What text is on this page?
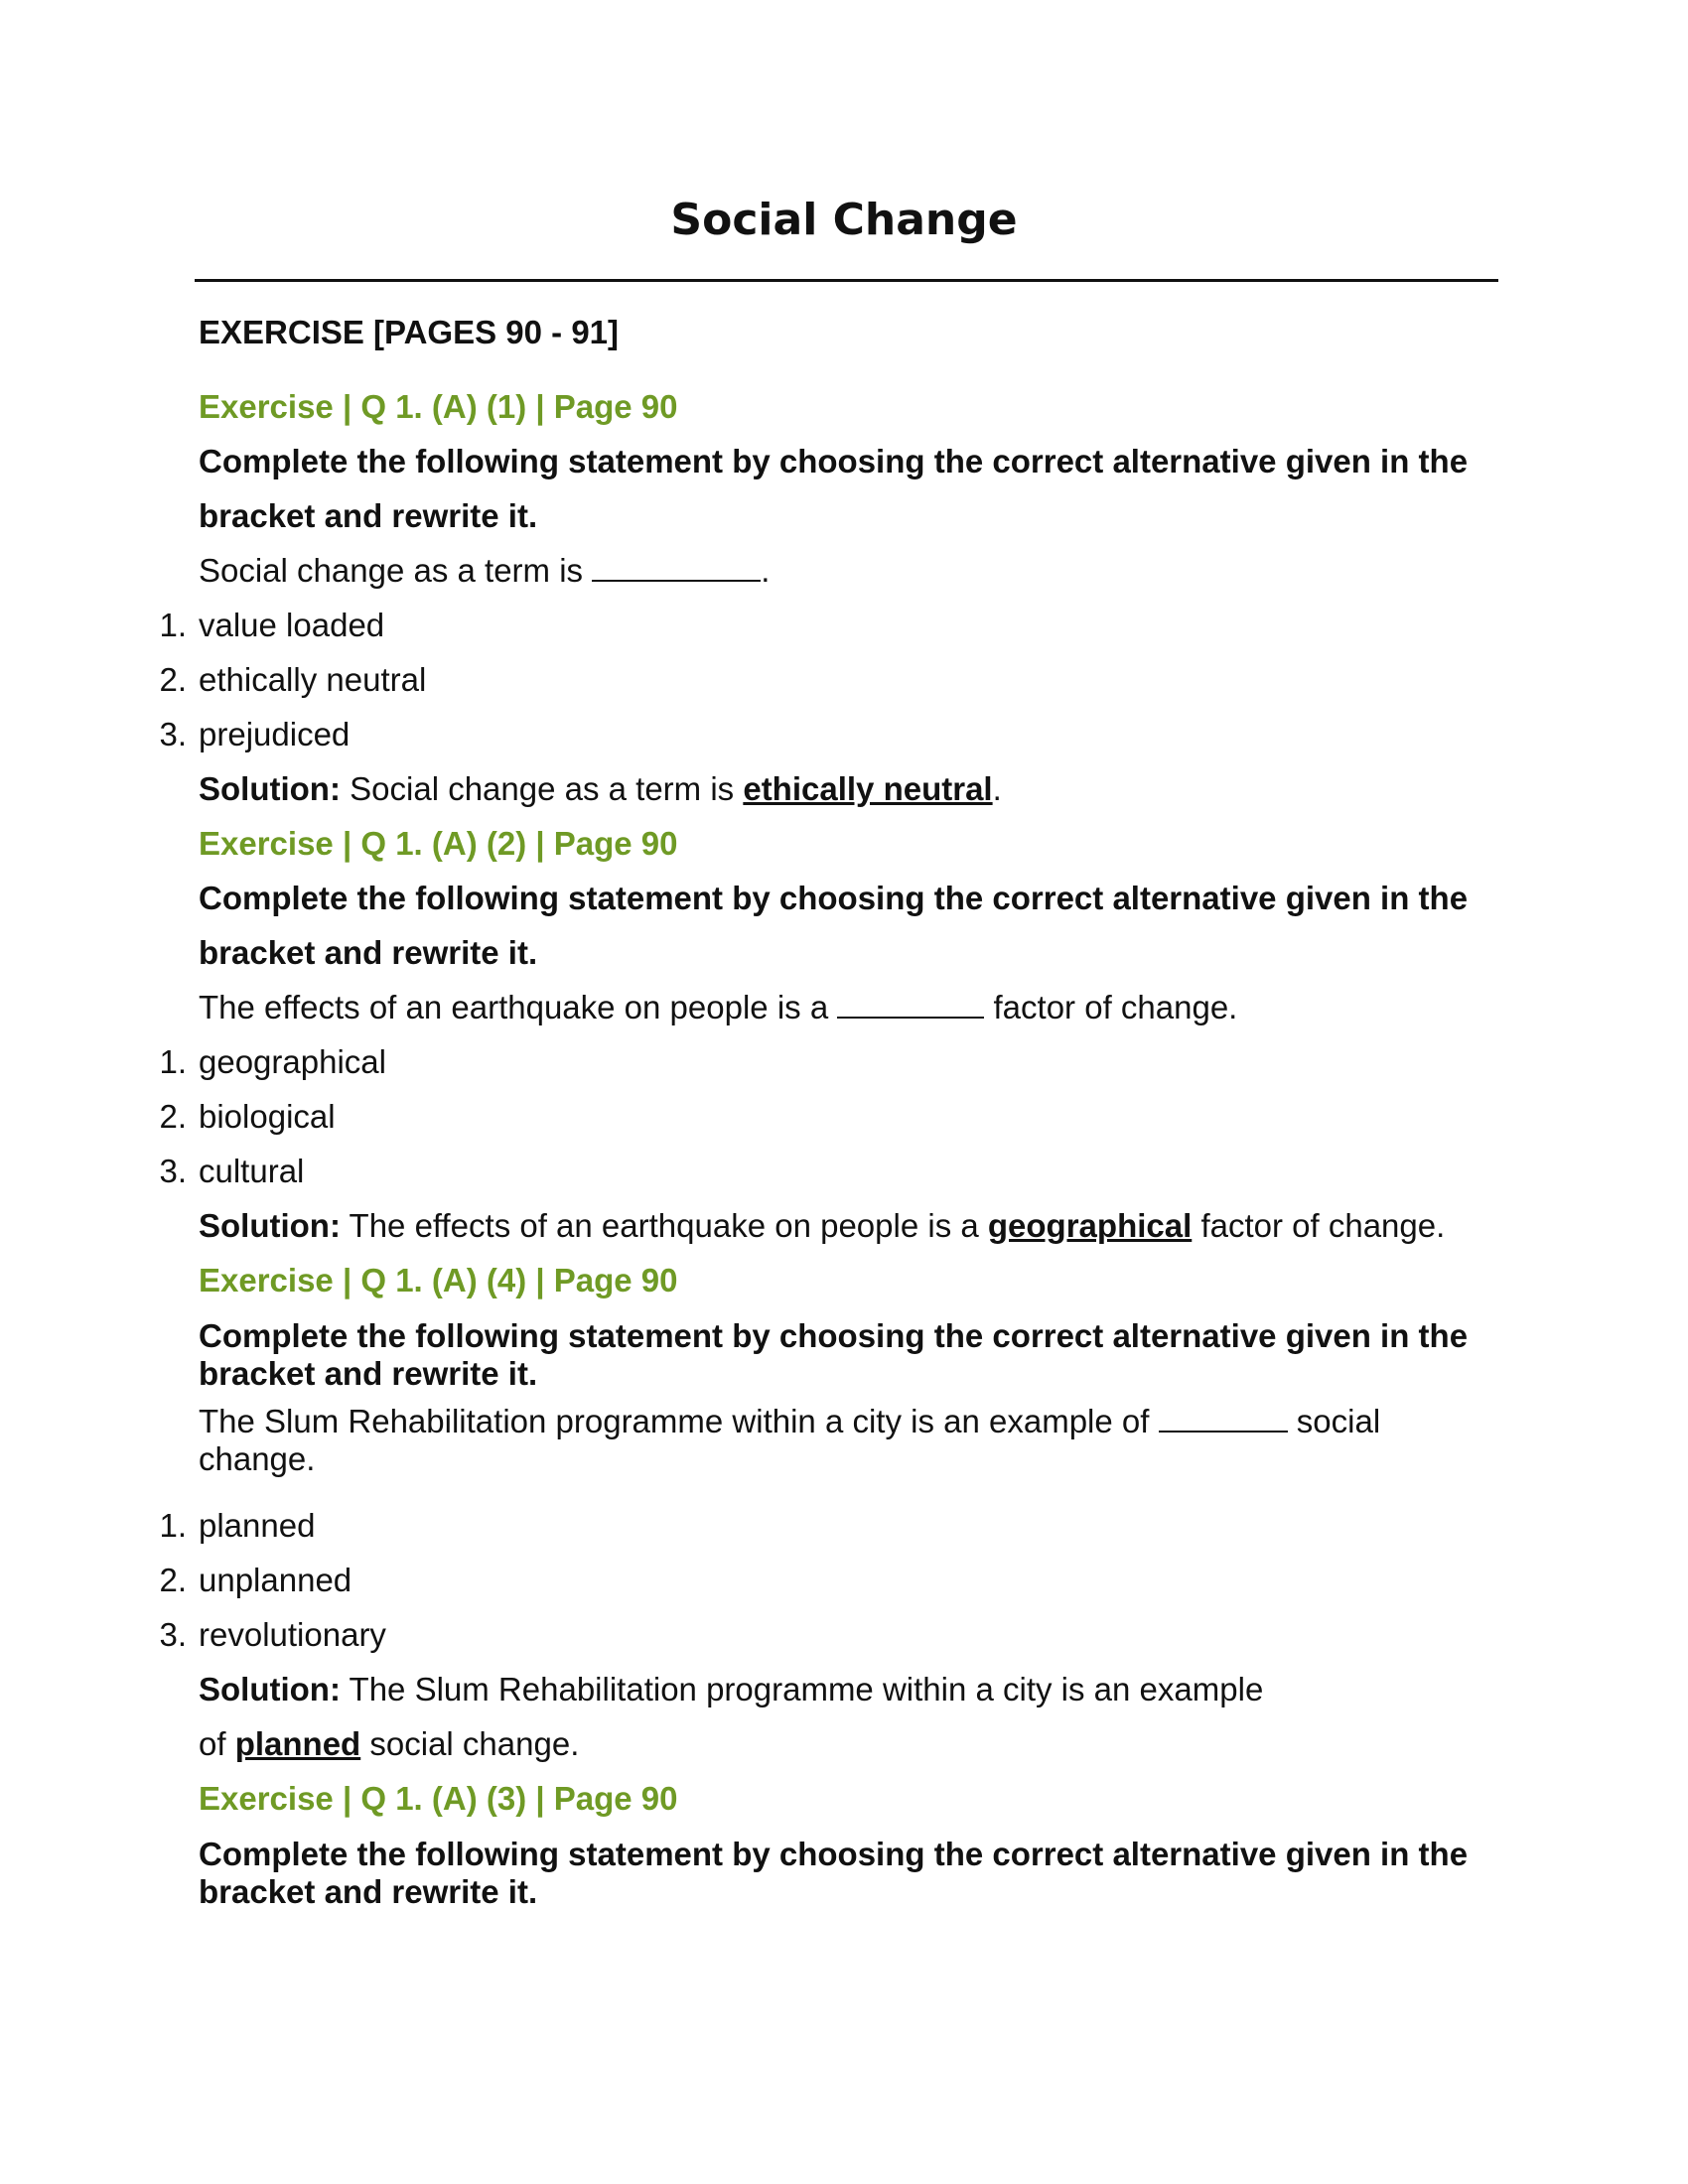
Social Change
EXERCISE [PAGES 90 - 91]
Exercise | Q 1. (A) (1) | Page 90
Complete the following statement by choosing the correct alternative given in the
bracket and rewrite it.
Social change as a term is	.
1. value loaded
2. ethically neutral
3. prejudiced
Solution: Social change as a term is ethically neutral.
Exercise | Q 1. (A) (2) | Page 90
Complete the following statement by choosing the correct alternative given in the
bracket and rewrite it.
The effects of an earthquake on people is a	factor of change.
1. geographical
2. biological
3. cultural
Solution: The effects of an earthquake on people is a geographical factor of change.
Exercise | Q 1. (A) (4) | Page 90
Complete the following statement by choosing the correct alternative given in the bracket and rewrite it.
The Slum Rehabilitation programme within a city is an example of	social change.
1. planned
2. unplanned
3. revolutionary
Solution: The Slum Rehabilitation programme within a city is an example
of planned social change.
Exercise | Q 1. (A) (3) | Page 90
Complete the following statement by choosing the correct alternative given in the bracket and rewrite it.
